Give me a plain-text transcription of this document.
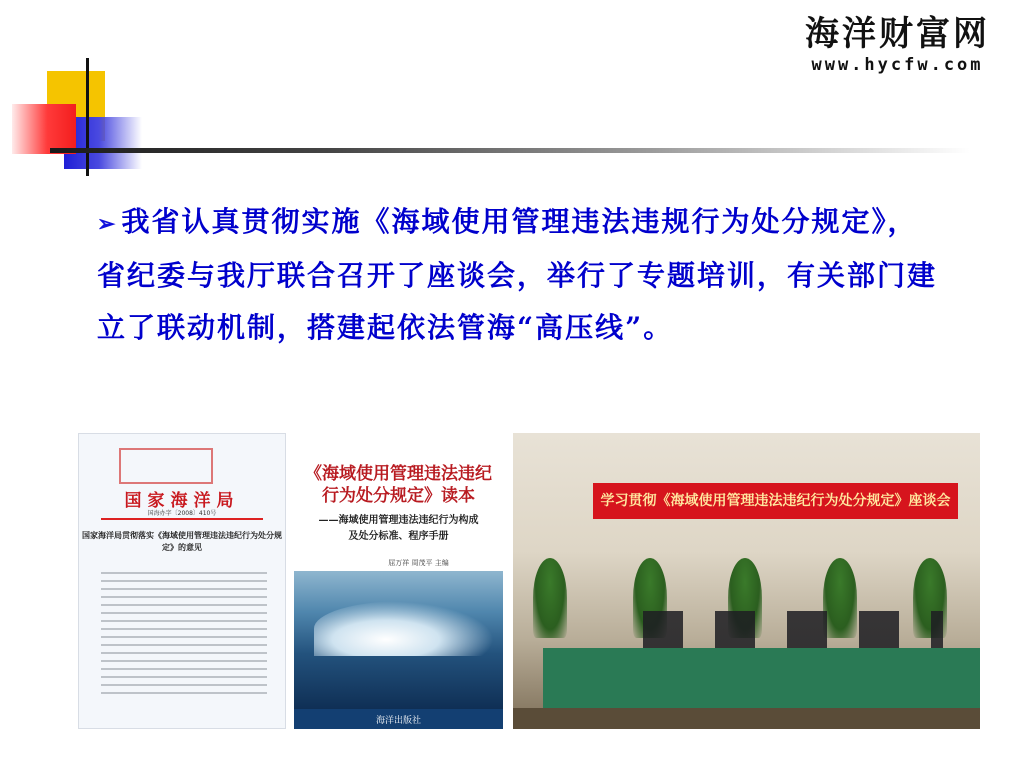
海洋财富网
www.hycfw.com
➢ 我省认真贯彻实施《海域使用管理违法违规行为处分规定》，省纪委与我厅联合召开了座谈会，举行了专题培训，有关部门建立了联动机制，搭建起依法管海“高压线”。
国家海洋局
国海办字〔2008〕410号
国家海洋局贯彻落实《海域使用管理违法违纪行为处分规定》的意见
《海域使用管理违法违纪行为处分规定》读本
——海域使用管理违法违纪行为构成
及处分标准、程序手册
屈万祥 周茂平 主编
海洋出版社
学习贯彻《海域使用管理违法违纪行为处分规定》座谈会
